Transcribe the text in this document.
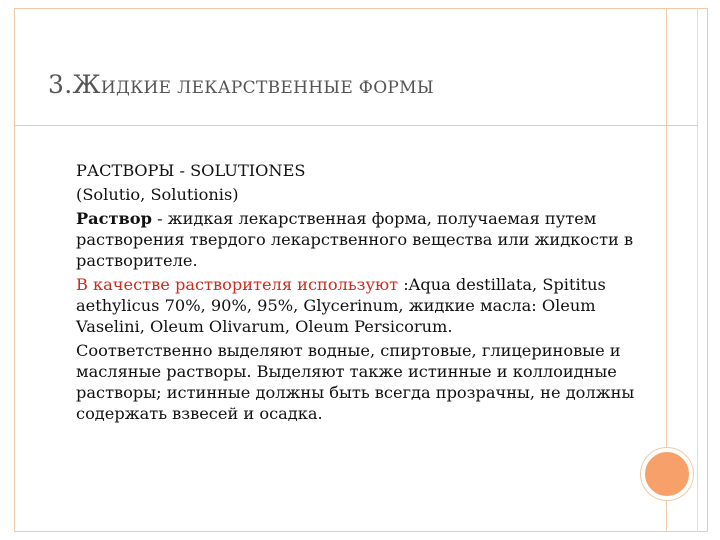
3.ЖИДКИЕ ЛЕКАРСТВЕННЫЕ ФОРМЫ

РАСТВОРЫ - SOLUTIONES

(Solutio, Solutionis)

Раствор - жидкая лекарственная форма, получаемая путем растворения твердого лекарственного вещества или жидкости в растворителе.

В качестве растворителя используют :Aqua destillata, Spititus aethylicus 70%, 90%, 95%, Glycerinum, жидкие масла: Oleum Vaselini, Oleum Olivarum, Oleum Persicorum.

Соответственно выделяют водные, спиртовые, глицериновые и масляные растворы. Выделяют также истинные и коллоидные растворы; истинные должны быть всегда прозрачны, не должны содержать взвесей и осадка.
